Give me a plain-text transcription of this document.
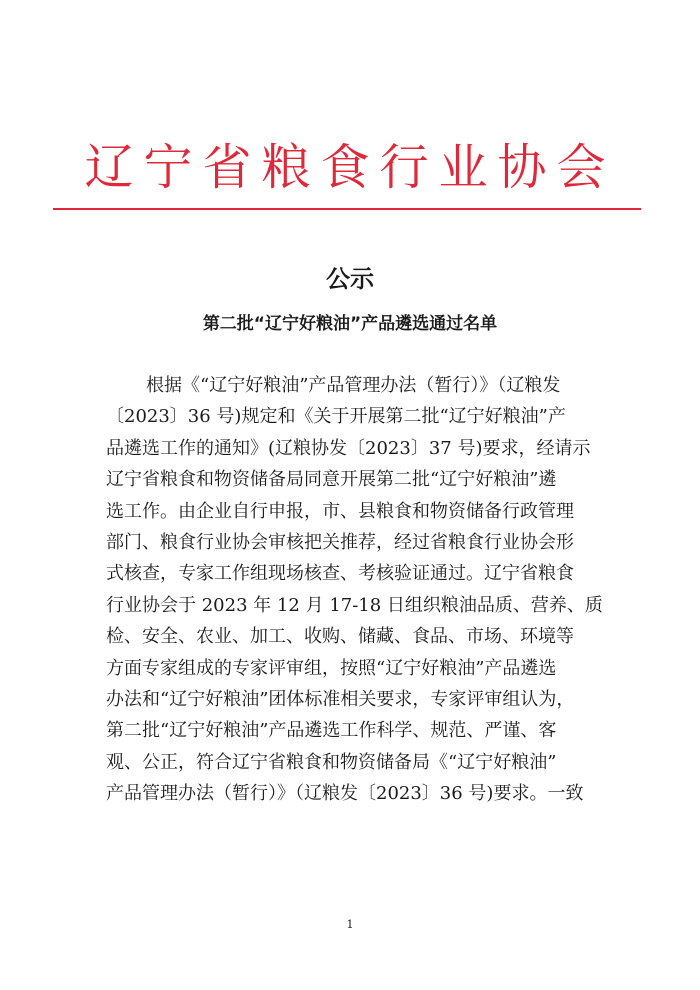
辽宁省粮食行业协会
公示
第二批“辽宁好粮油”产品遴选通过名单
根据《“辽宁好粮油”产品管理办法（暂行）》（辽粮发
〔2023〕36 号)规定和《关于开展第二批“辽宁好粮油”产
品遴选工作的通知》(辽粮协发〔2023〕37 号)要求，经请示
辽宁省粮食和物资储备局同意开展第二批“辽宁好粮油”遴
选工作。由企业自行申报，市、县粮食和物资储备行政管理
部门、粮食行业协会审核把关推荐，经过省粮食行业协会形
式核查，专家工作组现场核查、考核验证通过。辽宁省粮食
行业协会于 2023 年 12 月 17-18 日组织粮油品质、营养、质
检、安全、农业、加工、收购、储藏、食品、市场、环境等
方面专家组成的专家评审组，按照“辽宁好粮油”产品遴选
办法和“辽宁好粮油”团体标准相关要求，专家评审组认为，
第二批“辽宁好粮油”产品遴选工作科学、规范、严谨、客
观、公正，符合辽宁省粮食和物资储备局《“辽宁好粮油”
产品管理办法（暂行）》（辽粮发〔2023〕36 号)要求。一致
1
